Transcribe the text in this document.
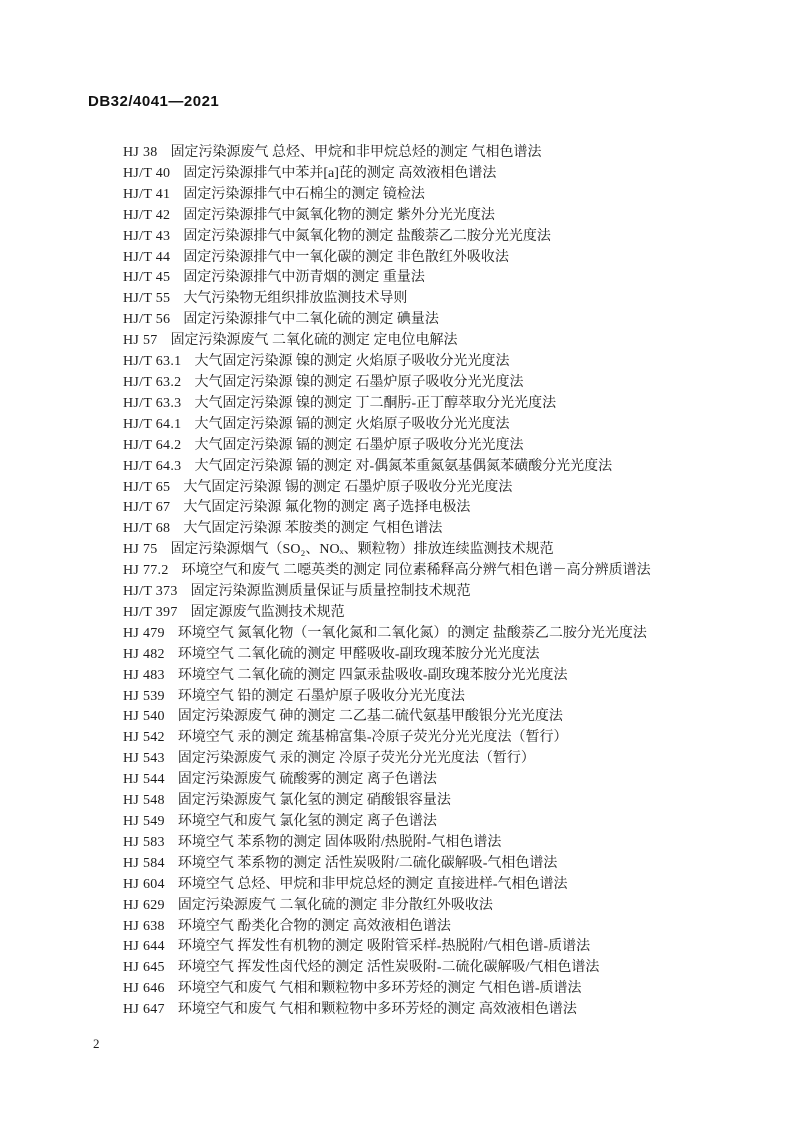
DB32/4041—2021
HJ 38 固定污染源废气 总烃、甲烷和非甲烷总烃的测定 气相色谱法
HJ/T 40 固定污染源排气中苯并[a]芘的测定 高效液相色谱法
HJ/T 41 固定污染源排气中石棉尘的测定 镜检法
HJ/T 42 固定污染源排气中氮氧化物的测定 紫外分光光度法
HJ/T 43 固定污染源排气中氮氧化物的测定 盐酸萘乙二胺分光光度法
HJ/T 44 固定污染源排气中一氧化碳的测定 非色散红外吸收法
HJ/T 45 固定污染源排气中沥青烟的测定 重量法
HJ/T 55 大气污染物无组织排放监测技术导则
HJ/T 56 固定污染源排气中二氧化硫的测定 碘量法
HJ 57 固定污染源废气 二氧化硫的测定 定电位电解法
HJ/T 63.1 大气固定污染源 镍的测定 火焰原子吸收分光光度法
HJ/T 63.2 大气固定污染源 镍的测定 石墨炉原子吸收分光光度法
HJ/T 63.3 大气固定污染源 镍的测定 丁二酮肟-正丁醇萃取分光光度法
HJ/T 64.1 大气固定污染源 镉的测定 火焰原子吸收分光光度法
HJ/T 64.2 大气固定污染源 镉的测定 石墨炉原子吸收分光光度法
HJ/T 64.3 大气固定污染源 镉的测定 对-偶氮苯重氮氨基偶氮苯磺酸分光光度法
HJ/T 65 大气固定污染源 锡的测定 石墨炉原子吸收分光光度法
HJ/T 67 大气固定污染源 氟化物的测定 离子选择电极法
HJ/T 68 大气固定污染源 苯胺类的测定 气相色谱法
HJ 75 固定污染源烟气（SO₂、NOₓ、颗粒物）排放连续监测技术规范
HJ 77.2 环境空气和废气 二噁英类的测定 同位素稀释高分辨气相色谱－高分辨质谱法
HJ/T 373 固定污染源监测质量保证与质量控制技术规范
HJ/T 397 固定源废气监测技术规范
HJ 479 环境空气 氮氧化物（一氧化氮和二氧化氮）的测定 盐酸萘乙二胺分光光度法
HJ 482 环境空气 二氧化硫的测定 甲醛吸收-副玫瑰苯胺分光光度法
HJ 483 环境空气 二氧化硫的测定 四氯汞盐吸收-副玫瑰苯胺分光光度法
HJ 539 环境空气 铅的测定 石墨炉原子吸收分光光度法
HJ 540 固定污染源废气 砷的测定 二乙基二硫代氨基甲酸银分光光度法
HJ 542 环境空气 汞的测定 巯基棉富集-冷原子荧光分光光度法（暂行）
HJ 543 固定污染源废气 汞的测定 冷原子荧光分光光度法（暂行）
HJ 544 固定污染源废气 硫酸雾的测定 离子色谱法
HJ 548 固定污染源废气 氯化氢的测定 硝酸银容量法
HJ 549 环境空气和废气 氯化氢的测定 离子色谱法
HJ 583 环境空气 苯系物的测定 固体吸附/热脱附-气相色谱法
HJ 584 环境空气 苯系物的测定 活性炭吸附/二硫化碳解吸-气相色谱法
HJ 604 环境空气 总烃、甲烷和非甲烷总烃的测定 直接进样-气相色谱法
HJ 629 固定污染源废气 二氧化硫的测定 非分散红外吸收法
HJ 638 环境空气 酚类化合物的测定 高效液相色谱法
HJ 644 环境空气 挥发性有机物的测定 吸附管采样-热脱附/气相色谱-质谱法
HJ 645 环境空气 挥发性卤代烃的测定 活性炭吸附-二硫化碳解吸/气相色谱法
HJ 646 环境空气和废气 气相和颗粒物中多环芳烃的测定 气相色谱-质谱法
HJ 647 环境空气和废气 气相和颗粒物中多环芳烃的测定 高效液相色谱法
2
